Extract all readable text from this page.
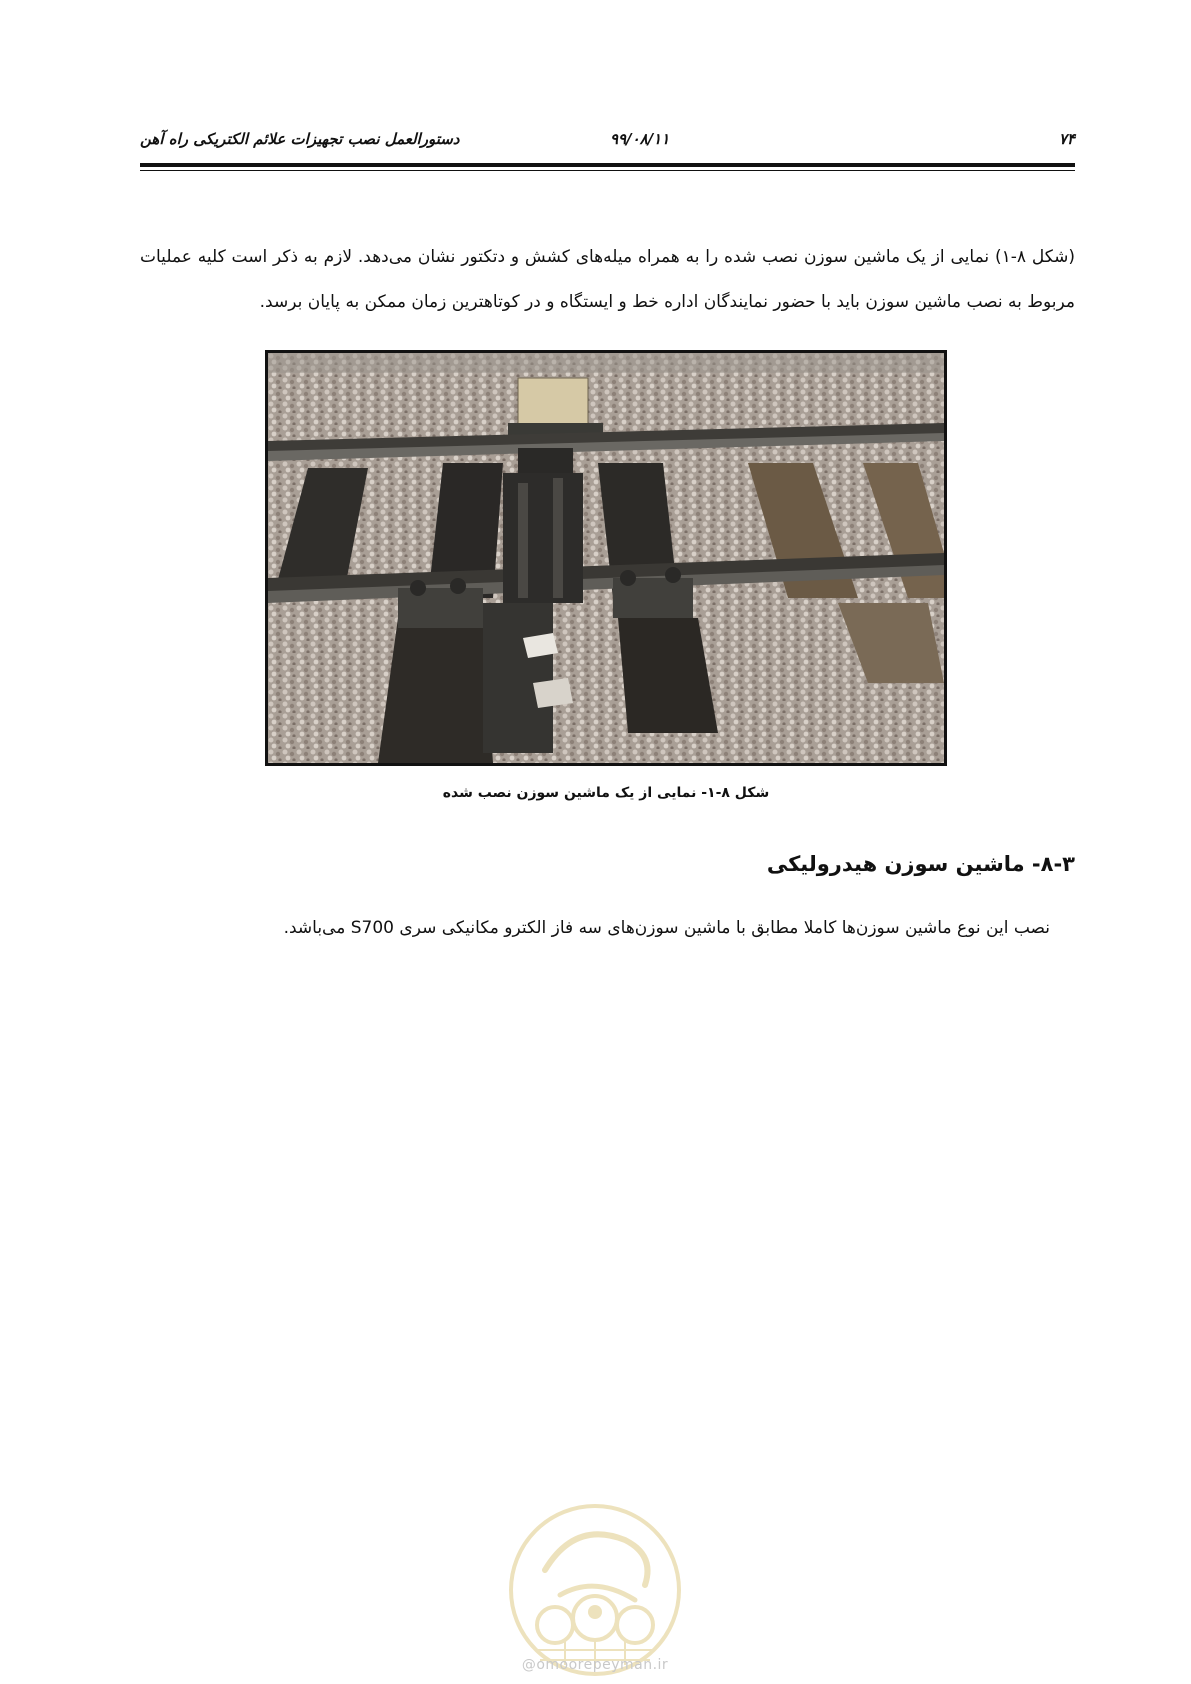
۷۴
۹۹/۰۸/۱۱
دستورالعمل نصب تجهیزات علائم الکتریکی راه آهن

(شکل ۸-۱) نمایی از یک ماشین سوزن نصب شده را به همراه میله‌های کشش و دتکتور نشان می‌دهد. لازم به ذکر است کلیه عملیات مربوط به نصب ماشین سوزن باید با حضور نمایندگان اداره خط و ایستگاه و در کوتاهترین زمان ممکن به پایان برسد.

شکل ۸-۱- نمایی از یک ماشین سوزن نصب شده
۸-۳- ماشین سوزن هیدرولیکی
نصب این نوع ماشین سوزن‌ها کاملا مطابق با ماشین سوزن‌های سه فاز الکترو مکانیکی سری S700 می‌باشد.
@omoorepeyman.ir
